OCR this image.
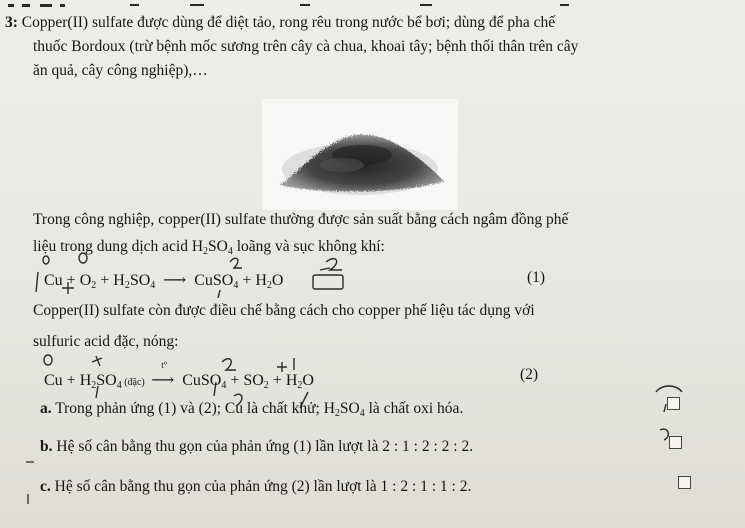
3: Copper(II) sulfate được dùng để diệt tảo, rong rêu trong nước bể bơi; dùng để pha chế
thuốc Bordoux (trừ bệnh mốc sương trên cây cà chua, khoai tây; bệnh thối thân trên cây
ăn quả, cây công nghiệp),…
Trong công nghiệp, copper(II) sulfate thường được sản suất bằng cách ngâm đồng phế
liệu trong dung dịch acid $H_2SO_4$ loãng và sục không khí:
$Cu + O_2 + H_2SO_4$ ⟶ CuSO$_4$ + $H_2O$	(1)
Copper(II) sulfate còn được điều chế bằng cách cho copper phế liệu tác dụng với
sulfuric acid đặc, nóng:
$Cu + H_2SO_4$ (đặc)
t°
⟶ CuSO$_4$ + $SO_2 + H_2O$	(2)
a. Trong phản ứng (1) và (2); Cu là chất khử; $H_2SO_4$ là chất oxi hóa.
b. Hệ số cân bằng thu gọn của phản ứng (1) lần lượt là 2 : 1 : 2 : 2 : 2.
c. Hệ số cân bằng thu gọn của phản ứng (2) lần lượt là 1 : 2 : 1 : 1 : 2.
